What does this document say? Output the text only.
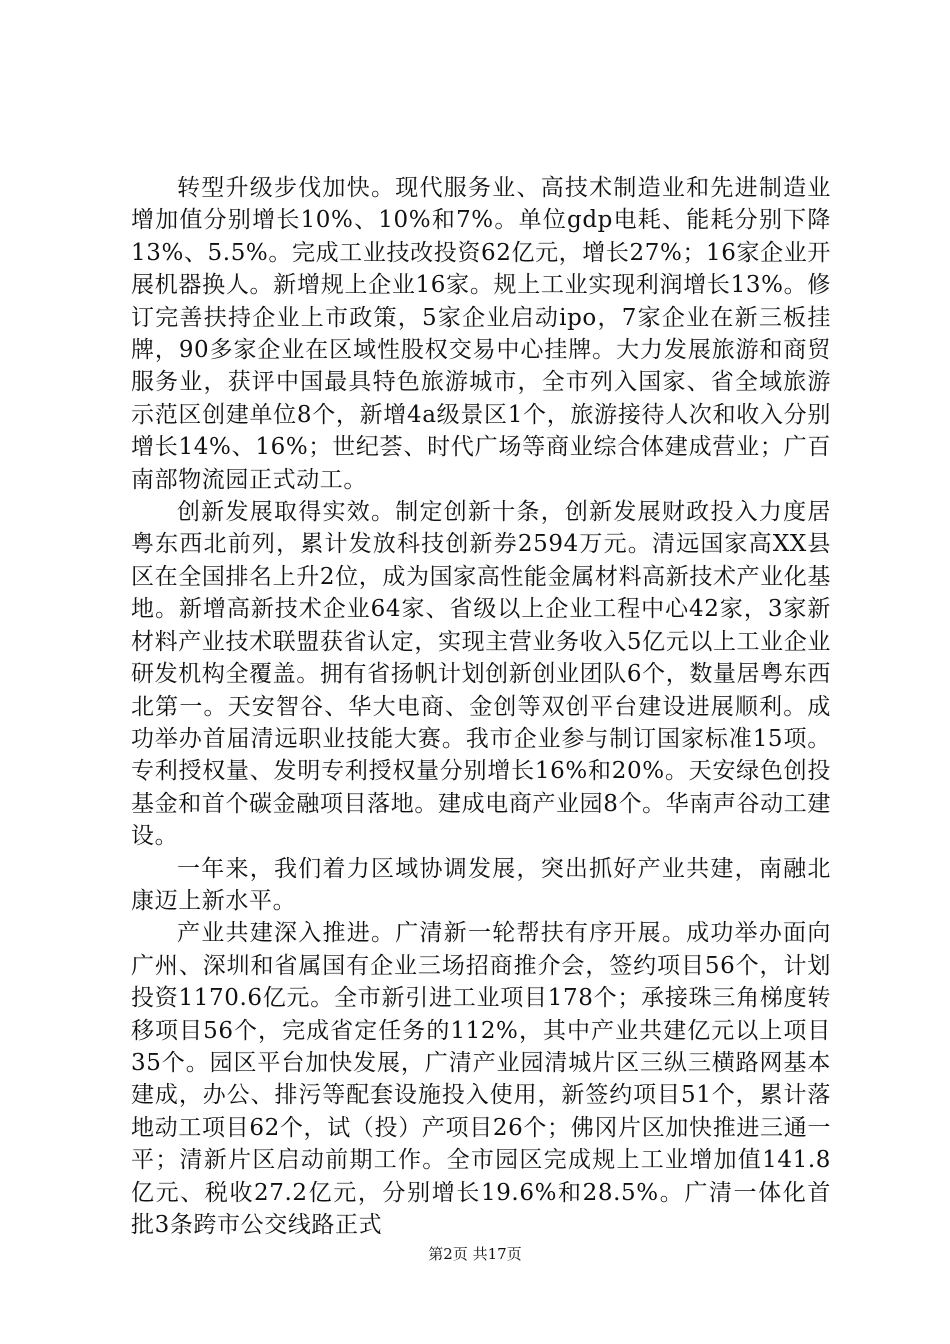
转型升级步伐加快。现代服务业、高技术制造业和先进制造业增加值分别增长10%、10%和7%。单位gdp电耗、能耗分别下降13%、5.5%。完成工业技改投资62亿元，增长27%；16家企业开展机器换人。新增规上企业16家。规上工业实现利润增长13%。修订完善扶持企业上市政策，5家企业启动ipo，7家企业在新三板挂牌，90多家企业在区域性股权交易中心挂牌。大力发展旅游和商贸服务业，获评中国最具特色旅游城市，全市列入国家、省全域旅游示范区创建单位8个，新增4a级景区1个，旅游接待人次和收入分别增长14%、16%；世纪荟、时代广场等商业综合体建成营业；广百南部物流园正式动工。

创新发展取得实效。制定创新十条，创新发展财政投入力度居粤东西北前列，累计发放科技创新券2594万元。清远国家高XX县区在全国排名上升2位，成为国家高性能金属材料高新技术产业化基地。新增高新技术企业64家、省级以上企业工程中心42家，3家新材料产业技术联盟获省认定，实现主营业务收入5亿元以上工业企业研发机构全覆盖。拥有省扬帆计划创新创业团队6个，数量居粤东西北第一。天安智谷、华大电商、金创等双创平台建设进展顺利。成功举办首届清远职业技能大赛。我市企业参与制订国家标准15项。专利授权量、发明专利授权量分别增长16%和20%。天安绿色创投基金和首个碳金融项目落地。建成电商产业园8个。华南声谷动工建设。

一年来，我们着力区域协调发展，突出抓好产业共建，南融北康迈上新水平。

产业共建深入推进。广清新一轮帮扶有序开展。成功举办面向广州、深圳和省属国有企业三场招商推介会，签约项目56个，计划投资1170.6亿元。全市新引进工业项目178个；承接珠三角梯度转移项目56个，完成省定任务的112%，其中产业共建亿元以上项目35个。园区平台加快发展，广清产业园清城片区三纵三横路网基本建成，办公、排污等配套设施投入使用，新签约项目51个，累计落地动工项目62个，试（投）产项目26个；佛冈片区加快推进三通一平；清新片区启动前期工作。全市园区完成规上工业增加值141.8亿元、税收27.2亿元，分别增长19.6%和28.5%。广清一体化首批3条跨市公交线路正式

第2页 共17页
